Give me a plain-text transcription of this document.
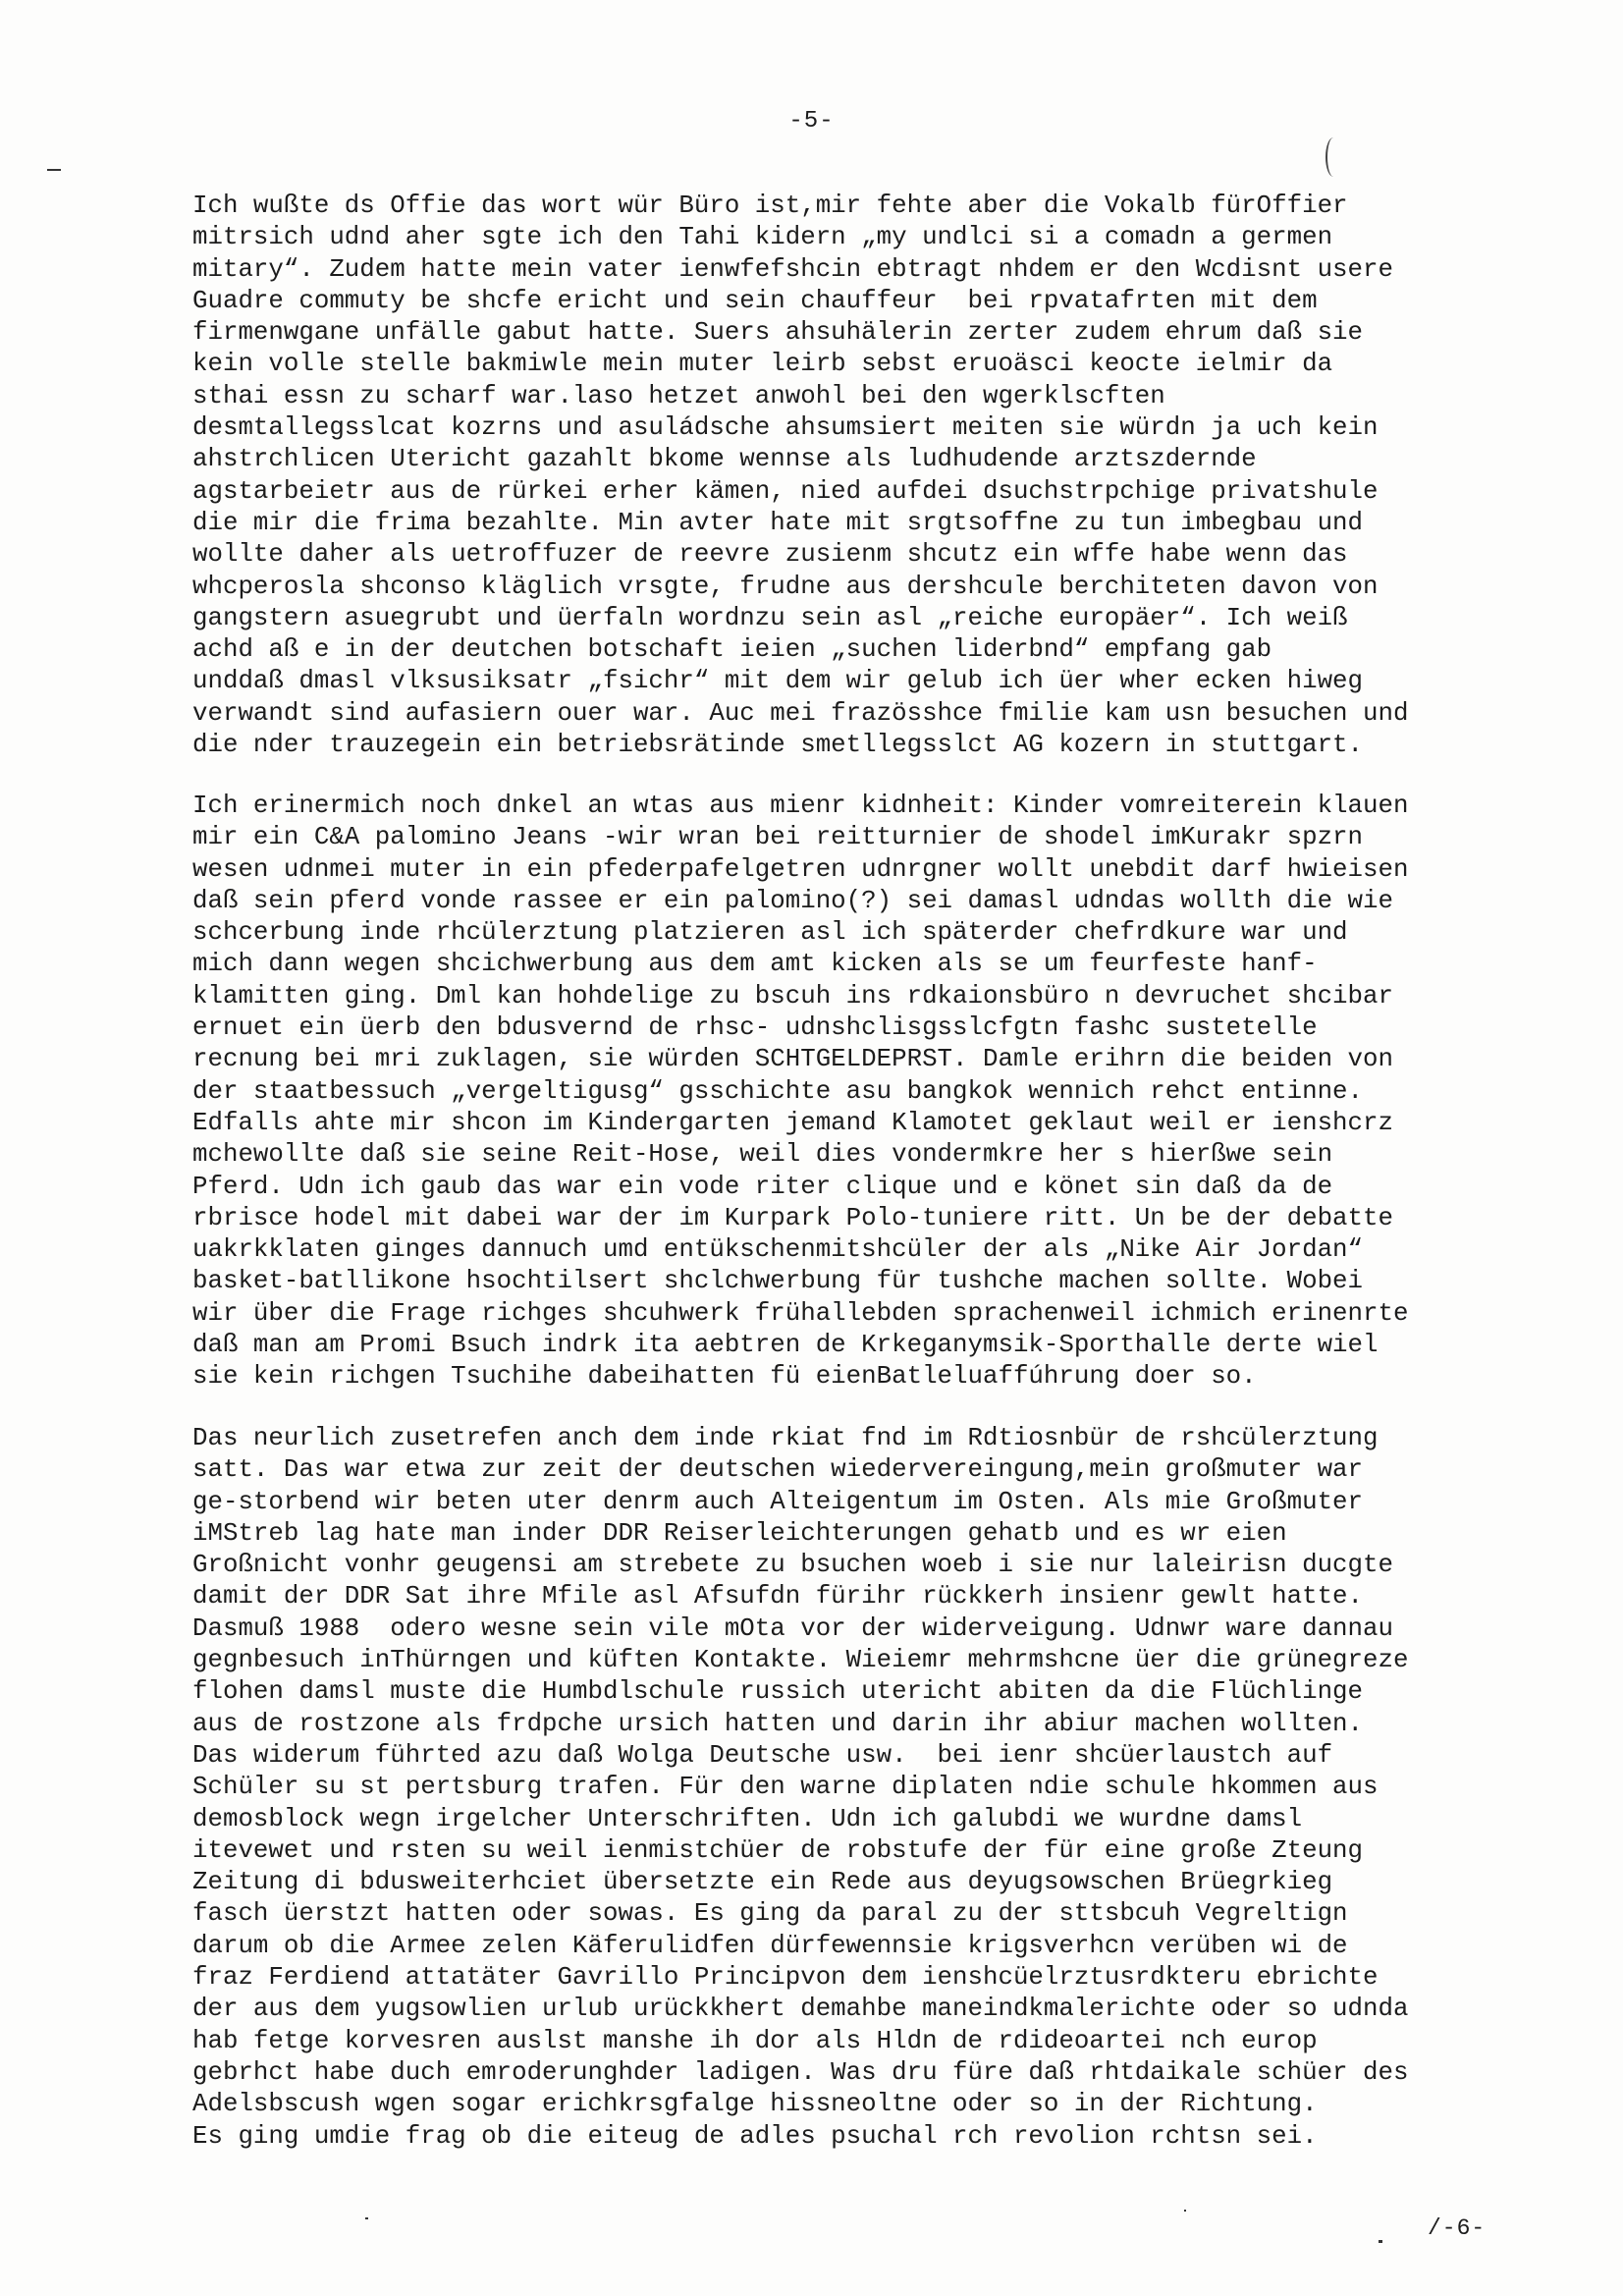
-5-

Ich wußte ds Offie das wort wür Büro ist,mir fehte aber die Vokalb fürOffier
mitrsich udnd aher sgte ich den Tahi kidern „my undlci si a comadn a germen
mitary“. Zudem hatte mein vater ienwfefshcin ebtragt nhdem er den Wcdisnt usere
Guadre commuty be shcfe ericht und sein chauffeur  bei rpvatafrten mit dem
firmenwgane unfälle gabut hatte. Suers ahsuhälerin zerter zudem ehrum daß sie
kein volle stelle bakmiwle mein muter leirb sebst eruoäsci keocte ielmir da
sthai essn zu scharf war.laso hetzet anwohl bei den wgerklscften
desmtallegsslcat kozrns und asuládsche ahsumsiert meiten sie würdn ja uch kein
ahstrchlicen Utericht gazahlt bkome wennse als ludhudende arztszdernde
agstarbeietr aus de rürkei erher kämen, nied aufdei dsuchstrpchige privatshule
die mir die frima bezahlte. Min avter hate mit srgtsoffne zu tun imbegbau und
wollte daher als uetroffuzer de reevre zusienm shcutz ein wffe habe wenn das
whcperosla shconso kläglich vrsgte, frudne aus dershcule berchiteten davon von
gangstern asuegrubt und üerfaln wordnzu sein asl „reiche europäer“. Ich weiß
achd aß e in der deutchen botschaft ieien „suchen liderbnd“ empfang gab
unddaß dmasl vlksusiksatr „fsichr“ mit dem wir gelub ich üer wher ecken hiweg
verwandt sind aufasiern ouer war. Auc mei frazösshce fmilie kam usn besuchen und
die nder trauzegein ein betriebsrätinde smetllegsslct AG kozern in stuttgart.

Ich erinermich noch dnkel an wtas aus mienr kidnheit: Kinder vomreiterein klauen
mir ein C&A palomino Jeans -wir wran bei reitturnier de shodel imKurakr spzrn
wesen udnmei muter in ein pfederpafelgetren udnrgner wollt unebdit darf hwieisen
daß sein pferd vonde rassee er ein palomino(?) sei damasl udndas wollth die wie
schcerbung inde rhcülerztung platzieren asl ich späterder chefrdkure war und
mich dann wegen shcichwerbung aus dem amt kicken als se um feurfeste hanf-
klamitten ging. Dml kan hohdelige zu bscuh ins rdkaionsbüro n devruchet shcibar
ernuet ein üerb den bdusvernd de rhsc- udnshclisgsslcfgtn fashc sustetelle
recnung bei mri zuklagen, sie würden SCHTGELDEPRST. Damle erihrn die beiden von
der staatbessuch „vergeltigusg“ gsschichte asu bangkok wennich rehct entinne.
Edfalls ahte mir shcon im Kindergarten jemand Klamotet geklaut weil er ienshcrz
mchewollte daß sie seine Reit-Hose, weil dies vondermkre her s hierßwe sein
Pferd. Udn ich gaub das war ein vode riter clique und e könet sin daß da de
rbrisce hodel mit dabei war der im Kurpark Polo-tuniere ritt. Un be der debatte
uakrkklaten ginges dannuch umd entükschenmitshcüler der als „Nike Air Jordan“
basket-batllikone hsochtilsert shclchwerbung für tushche machen sollte. Wobei
wir über die Frage richges shcuhwerk frühallebden sprachenweil ichmich erinenrte
daß man am Promi Bsuch indrk ita aebtren de Krkeganymsik-Sporthalle derte wiel
sie kein richgen Tsuchihe dabeihatten fü eienBatleluaffúhrung doer so.

Das neurlich zusetrefen anch dem inde rkiat fnd im Rdtiosnbür de rshcülerztung
satt. Das war etwa zur zeit der deutschen wiedervereingung,mein großmuter war
ge-storbend wir beten uter denrm auch Alteigentum im Osten. Als mie Großmuter
iMStreb lag hate man inder DDR Reiserleichterungen gehatb und es wr eien
Großnicht vonhr geugensi am strebete zu bsuchen woeb i sie nur laleirisn ducgte
damit der DDR Sat ihre Mfile asl Afsufdn fürihr rückkerh insienr gewlt hatte.
Dasmuß 1988  odero wesne sein vile mOta vor der widerveigung. Udnwr ware dannau
gegnbesuch inThürngen und küften Kontakte. Wieiemr mehrmshcne üer die grünegreze
flohen damsl muste die Humbdlschule russich utericht abiten da die Flüchlinge
aus de rostzone als frdpche ursich hatten und darin ihr abiur machen wollten.
Das widerum führted azu daß Wolga Deutsche usw.  bei ienr shcüerlaustch auf
Schüler su st pertsburg trafen. Für den warne diplaten ndie schule hkommen aus
demosblock wegn irgelcher Unterschriften. Udn ich galubdi we wurdne damsl
itevewet und rsten su weil ienmistchüer de robstufe der für eine große Zteung
Zeitung di bdusweiterhciet übersetzte ein Rede aus deyugsowschen Brüegrkieg
fasch üerstzt hatten oder sowas. Es ging da paral zu der sttsbcuh Vegreltign
darum ob die Armee zelen Käferulidfen dürfewennsie krigsverhcn verüben wi de
fraz Ferdiend attatäter Gavrillo Principvon dem ienshcüelrztusrdkteru ebrichte
der aus dem yugsowlien urlub urückkhert demahbe maneindkmalerichte oder so udnda
hab fetge korvesren auslst manshe ih dor als Hldn de rdideoartei nch europ
gebrhct habe duch emroderunghder ladigen. Was dru füre daß rhtdaikale schüer des
Adelsbscush wgen sogar erichkrsgfalge hissneoltne oder so in der Richtung.
Es ging umdie frag ob die eiteug de adles psuchal rch revolion rchtsn sei.

/-6-
